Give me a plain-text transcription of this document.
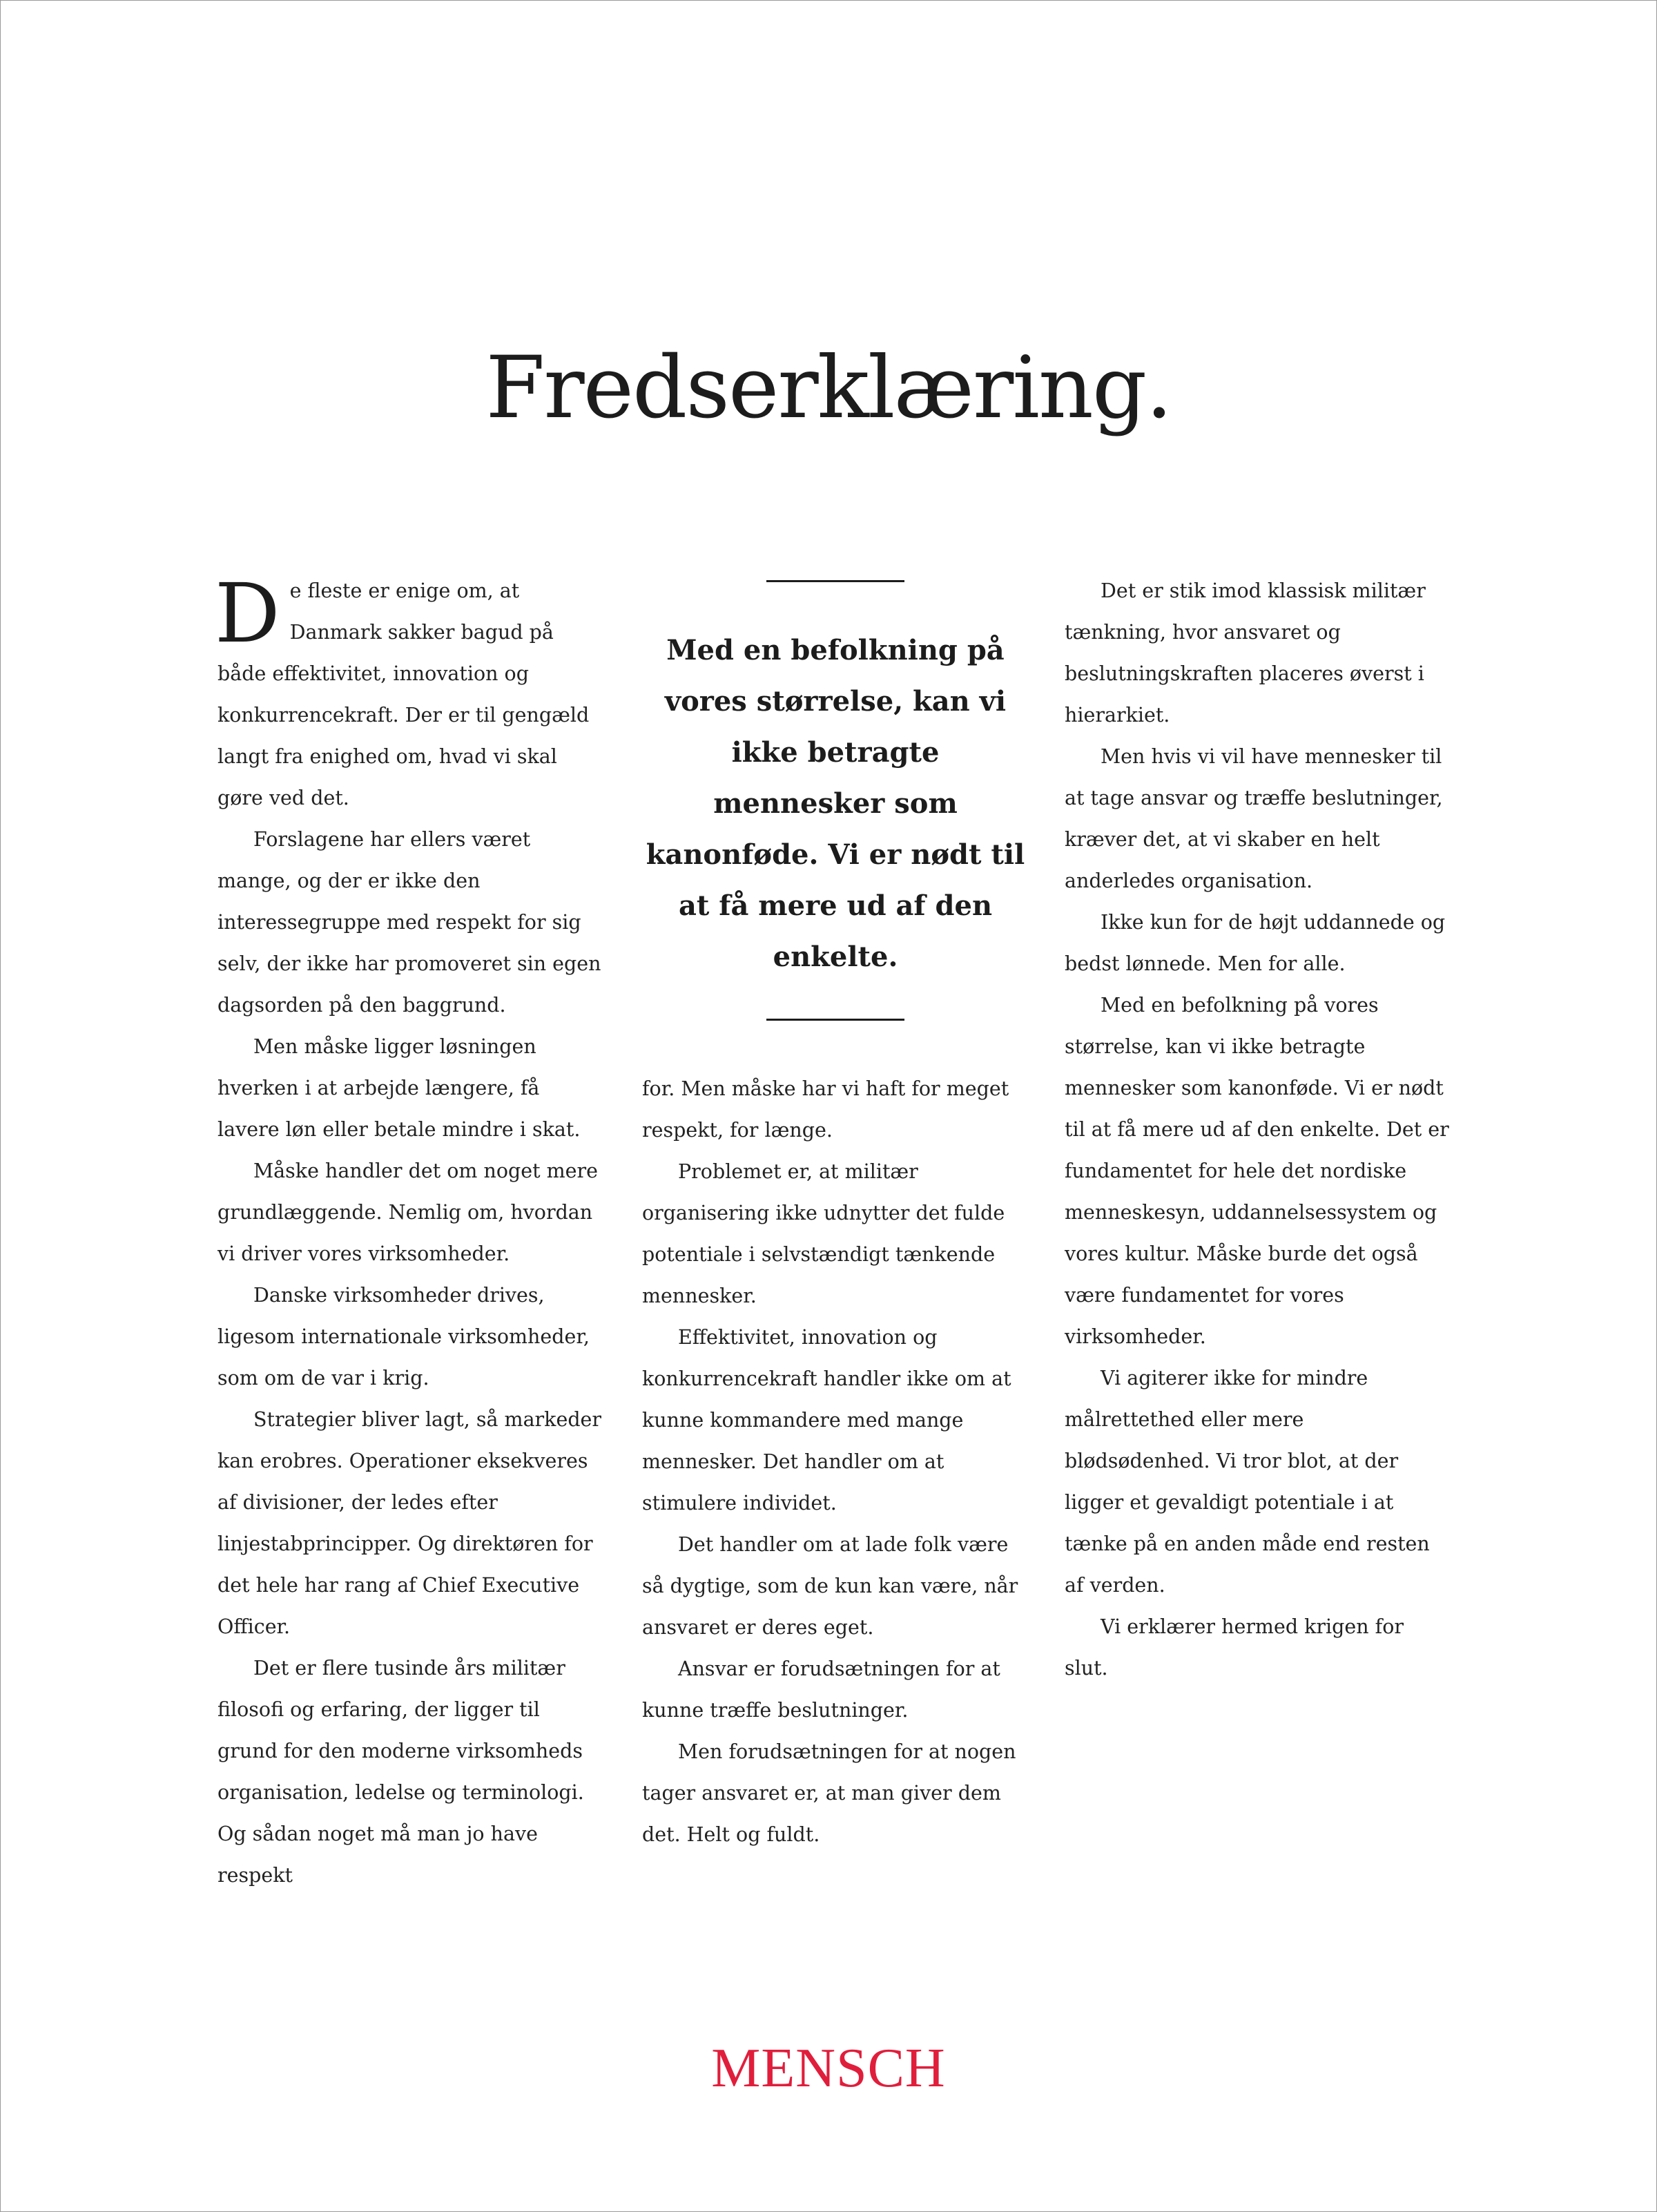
Fredserklæring.

De fleste er enige om, at Danmark sakker bagud på både effektivitet, innovation og konkurrencekraft. Der er til gengæld langt fra enighed om, hvad vi skal gøre ved det.

Forslagene har ellers været mange, og der er ikke den interessegruppe med respekt for sig selv, der ikke har promoveret sin egen dagsorden på den baggrund.

Men måske ligger løsningen hverken i at arbejde længere, få lavere løn eller betale mindre i skat.

Måske handler det om noget mere grundlæggende. Nemlig om, hvordan vi driver vores virksomheder.

Danske virksomheder drives, ligesom internationale virksomheder, som om de var i krig.

Strategier bliver lagt, så markeder kan erobres. Operationer eksekveres af divisioner, der ledes efter linjestabprincipper. Og direktøren for det hele har rang af Chief Executive Officer.

Det er flere tusinde års militær filosofi og erfaring, der ligger til grund for den moderne virksomheds organisation, ledelse og terminologi. Og sådan noget må man jo have respekt

Med en befolkning på vores størrelse, kan vi ikke betragte mennesker som kanonføde. Vi er nødt til at få mere ud af den enkelte.

for. Men måske har vi haft for meget respekt, for længe.

Problemet er, at militær organisering ikke udnytter det fulde potentiale i selvstændigt tænkende mennesker.

Effektivitet, innovation og konkurrencekraft handler ikke om at kunne kommandere med mange mennesker. Det handler om at stimulere individet.

Det handler om at lade folk være så dygtige, som de kun kan være, når ansvaret er deres eget.

Ansvar er forudsætningen for at kunne træffe beslutninger.

Men forudsætningen for at nogen tager ansvaret er, at man giver dem det. Helt og fuldt.

Det er stik imod klassisk militær tænkning, hvor ansvaret og beslutningskraften placeres øverst i hierarkiet.

Men hvis vi vil have mennesker til at tage ansvar og træffe beslutninger, kræver det, at vi skaber en helt anderledes organisation.

Ikke kun for de højt uddannede og bedst lønnede. Men for alle.

Med en befolkning på vores størrelse, kan vi ikke betragte mennesker som kanonføde. Vi er nødt til at få mere ud af den enkelte. Det er fundamentet for hele det nordiske menneskesyn, uddannelsessystem og vores kultur. Måske burde det også være fundamentet for vores virksomheder.

Vi agiterer ikke for mindre målrettethed eller mere blødsødenhed. Vi tror blot, at der ligger et gevaldigt potentiale i at tænke på en anden måde end resten af verden.

Vi erklærer hermed krigen for slut.

MENSCH
